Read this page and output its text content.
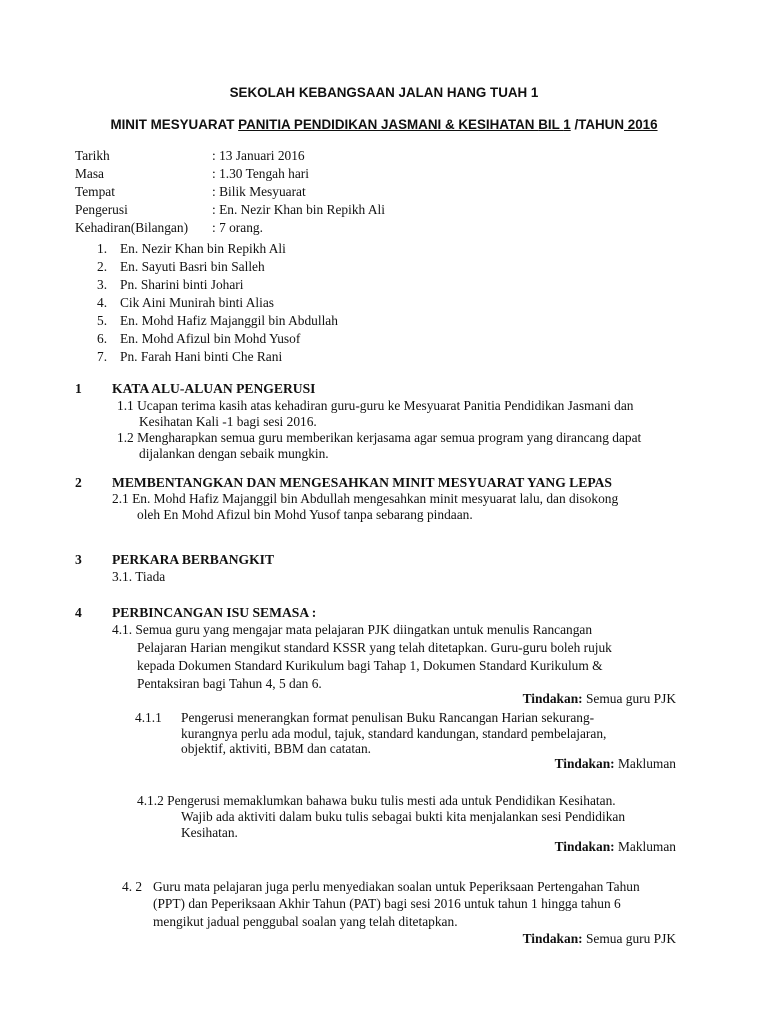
SEKOLAH KEBANGSAAN JALAN HANG TUAH 1
MINIT MESYUARAT PANITIA PENDIDIKAN JASMANI & KESIHATAN BIL 1 /TAHUN 2016
Tarikh	: 13 Januari 2016
Masa	: 1.30 Tengah hari
Tempat	: Bilik Mesyuarat
Pengerusi	: En. Nezir Khan bin Repikh Ali
Kehadiran(Bilangan) : 7 orang.
1. En. Nezir Khan bin Repikh Ali
2. En. Sayuti Basri bin Salleh
3. Pn. Sharini binti Johari
4. Cik Aini Munirah binti Alias
5. En. Mohd Hafiz Majanggil bin Abdullah
6. En. Mohd Afizul bin Mohd Yusof
7. Pn. Farah Hani binti Che Rani
1 KATA ALU-ALUAN PENGERUSI
1.1 Ucapan terima kasih atas kehadiran guru-guru ke Mesyuarat Panitia Pendidikan Jasmani dan
Kesihatan Kali -1 bagi sesi 2016.
1.2 Mengharapkan semua guru memberikan kerjasama agar semua program yang dirancang dapat
dijalankan dengan sebaik mungkin.
2 MEMBENTANGKAN DAN MENGESAHKAN MINIT MESYUARAT YANG LEPAS
2.1 En. Mohd Hafiz Majanggil bin Abdullah mengesahkan minit mesyuarat lalu, dan disokong
oleh En Mohd Afizul bin Mohd Yusof tanpa sebarang pindaan.
3 PERKARA BERBANGKIT
3.1. Tiada
4 PERBINCANGAN ISU SEMASA :
4.1. Semua guru yang mengajar mata pelajaran PJK diingatkan untuk menulis Rancangan
Pelajaran Harian mengikut standard KSSR yang telah ditetapkan. Guru-guru boleh rujuk
kepada Dokumen Standard Kurikulum bagi Tahap 1, Dokumen Standard Kurikulum &
Pentaksiran bagi Tahun 4, 5 dan 6.
Tindakan: Semua guru PJK
4.1.1 Pengerusi menerangkan format penulisan Buku Rancangan Harian sekurang-
kurangnya perlu ada modul, tajuk, standard kandungan, standard pembelajaran,
objektif, aktiviti, BBM dan catatan.
Tindakan: Makluman
4.1.2 Pengerusi memaklumkan bahawa buku tulis mesti ada untuk Pendidikan Kesihatan.
Wajib ada aktiviti dalam buku tulis sebagai bukti kita menjalankan sesi Pendidikan
Kesihatan.
Tindakan: Makluman
4. 2 Guru mata pelajaran juga perlu menyediakan soalan untuk Peperiksaan Pertengahan Tahun
(PPT) dan Peperiksaan Akhir Tahun (PAT) bagi sesi 2016 untuk tahun 1 hingga tahun 6
mengikut jadual penggubal soalan yang telah ditetapkan.
Tindakan: Semua guru PJK
